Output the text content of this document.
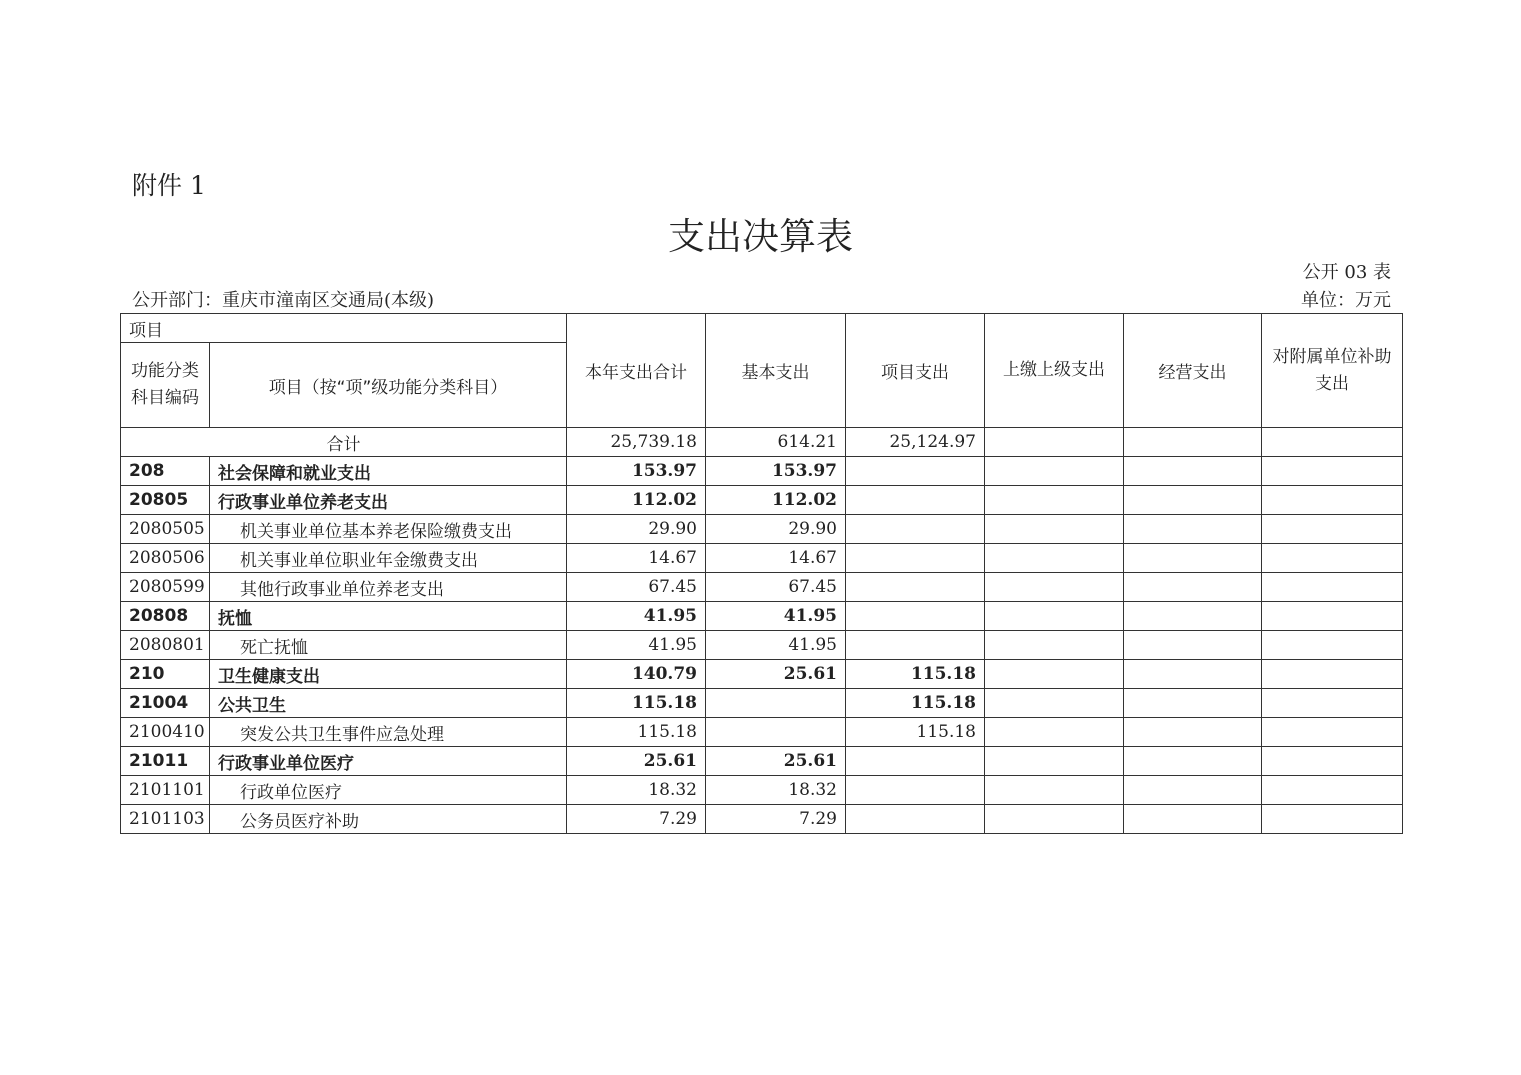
附件 1
支出决算表
公开 03 表
公开部门：重庆市潼南区交通局(本级)	单位：万元
项目		本年支出合计	基本支出	项目支出	上缴上级支出	经营支出	对附属单位补助支出
功能分类科目编码	项目（按“项”级功能分类科目）						
合计		25,739.18	614.21	25,124.97			
208	社会保障和就业支出	153.97	153.97				
20805	行政事业单位养老支出	112.02	112.02				
2080505	机关事业单位基本养老保险缴费支出	29.90	29.90				
2080506	机关事业单位职业年金缴费支出	14.67	14.67				
2080599	其他行政事业单位养老支出	67.45	67.45				
20808	抚恤	41.95	41.95				
2080801	死亡抚恤	41.95	41.95				
210	卫生健康支出	140.79	25.61	115.18			
21004	公共卫生	115.18		115.18			
2100410	突发公共卫生事件应急处理	115.18		115.18			
21011	行政事业单位医疗	25.61	25.61				
2101101	行政单位医疗	18.32	18.32				
2101103	公务员医疗补助	7.29	7.29				
